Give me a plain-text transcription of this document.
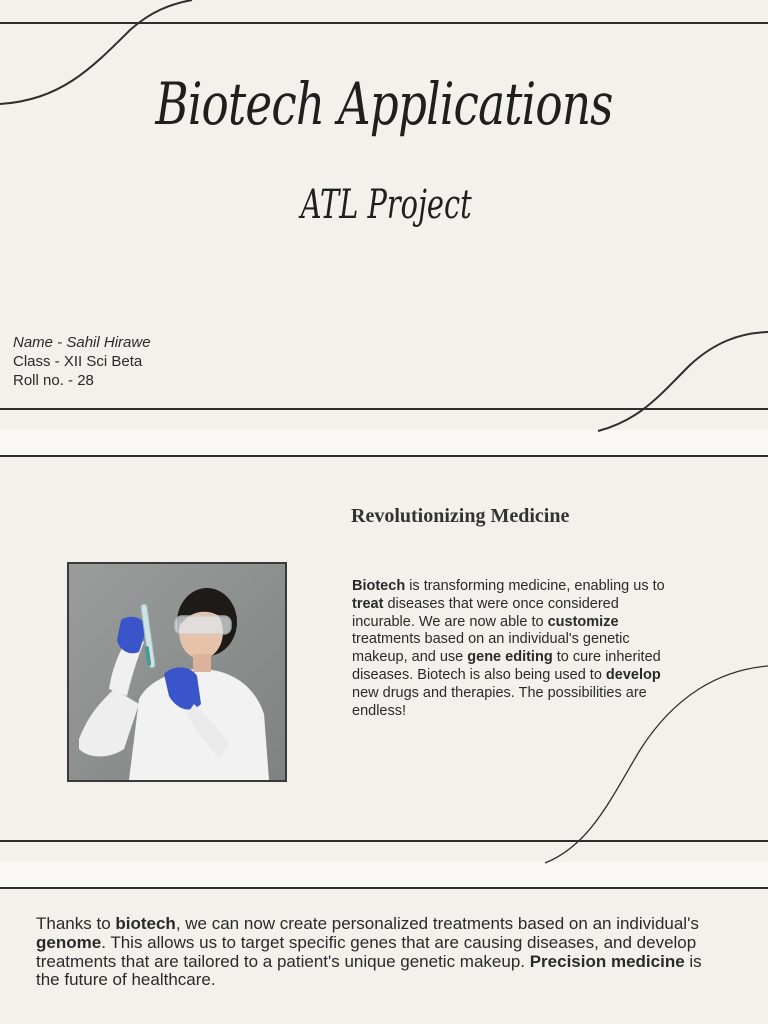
Biotech Applications
ATL Project
Name - Sahil Hirawe
Class - XII Sci Beta
Roll no. - 28
Revolutionizing Medicine

Biotech is transforming medicine, enabling us to treat diseases that were once considered incurable. We are now able to customize treatments based on an individual's genetic makeup, and use gene editing to cure inherited diseases. Biotech is also being used to develop new drugs and therapies. The possibilities are endless!

Thanks to biotech, we can now create personalized treatments based on an individual's genome. This allows us to target specific genes that are causing diseases, and develop treatments that are tailored to a patient's unique genetic makeup. Precision medicine is the future of healthcare.
